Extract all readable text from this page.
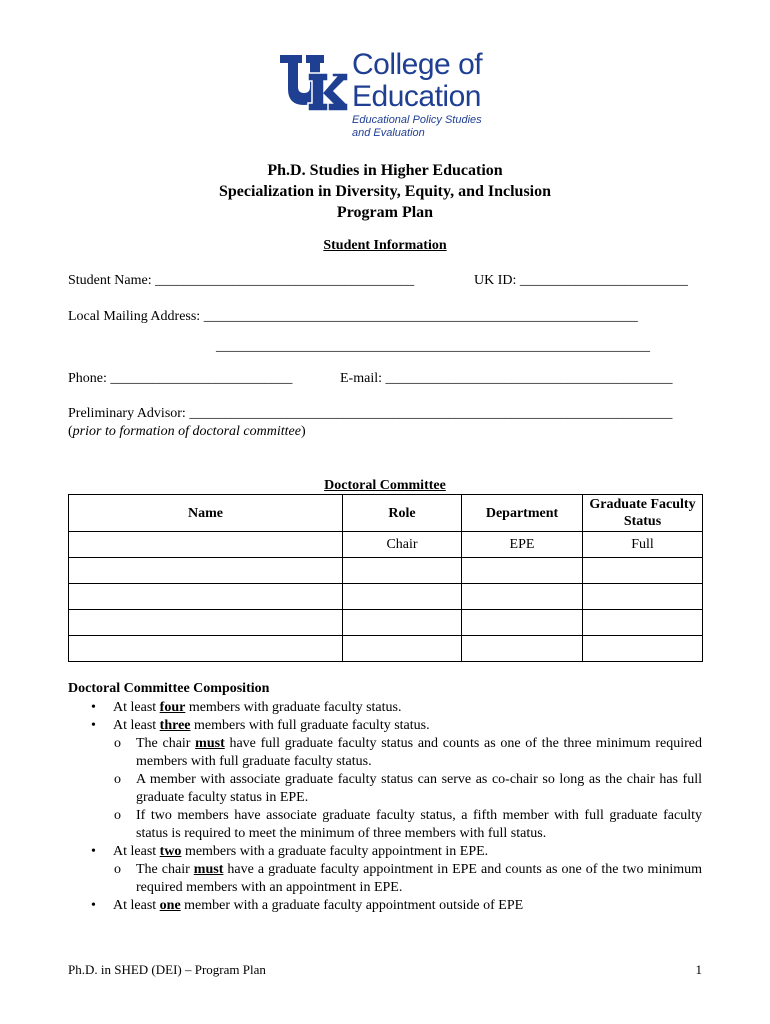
College of
Education
Educational Policy Studies
and Evaluation
Ph.D. Studies in Higher Education
Specialization in Diversity, Equity, and Inclusion
Program Plan
Student Information
Student Name: _____________________________________	UK ID: ________________________
Local Mailing Address: ______________________________________________________________
______________________________________________________________
Phone: __________________________	E-mail: _________________________________________
Preliminary Advisor: _____________________________________________________________________
(prior to formation of doctoral committee)
Doctoral Committee
Name	Role	Department	Graduate Faculty Status
	Chair	EPE	Full

Doctoral Committee Composition
• At least four members with graduate faculty status.
• At least three members with full graduate faculty status.
o The chair must have full graduate faculty status and counts as one of the three minimum required members with full graduate faculty status.
o A member with associate graduate faculty status can serve as co-chair so long as the chair has full graduate faculty status in EPE.
o If two members have associate graduate faculty status, a fifth member with full graduate faculty status is required to meet the minimum of three members with full status.
• At least two members with a graduate faculty appointment in EPE.
o The chair must have a graduate faculty appointment in EPE and counts as one of the two minimum required members with an appointment in EPE.
• At least one member with a graduate faculty appointment outside of EPE
Ph.D. in SHED (DEI) – Program Plan	1
